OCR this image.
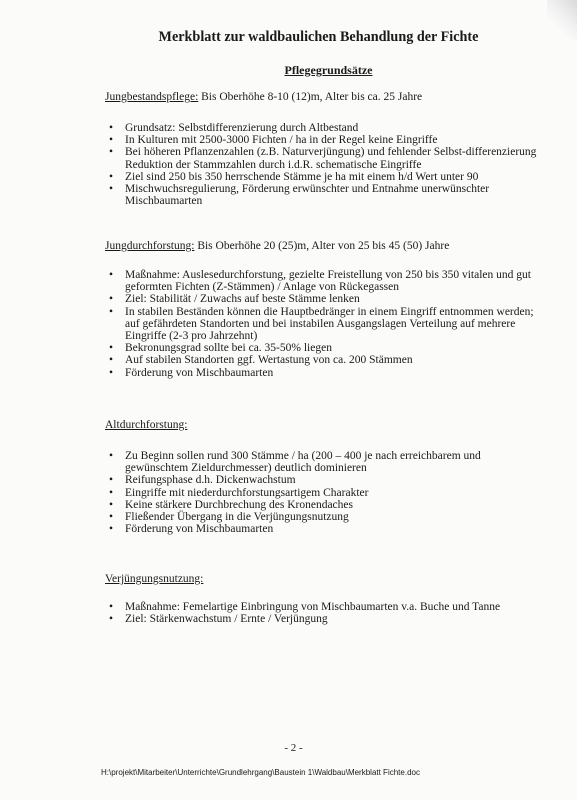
Merkblatt zur waldbaulichen Behandlung der Fichte
Pflegegrundsätze
Jungbestandspflege: Bis Oberhöhe 8-10 (12)m, Alter bis ca. 25 Jahre
• Grundsatz: Selbstdifferenzierung durch Altbestand
• In Kulturen mit 2500-3000 Fichten / ha in der Regel keine Eingriffe
• Bei höheren Pflanzenzahlen (z.B. Naturverjüngung) und fehlender Selbst-differenzierung Reduktion der Stammzahlen durch i.d.R. schematische Eingriffe
• Ziel sind 250 bis 350 herrschende Stämme je ha mit einem h/d Wert unter 90
• Mischwuchsregulierung, Förderung erwünschter und Entnahme unerwünschter Mischbaumarten
Jungdurchforstung: Bis Oberhöhe 20 (25)m, Alter von 25 bis 45 (50) Jahre
• Maßnahme: Auslesedurchforstung, gezielte Freistellung von 250 bis 350 vitalen und gut geformten Fichten (Z-Stämmen) / Anlage von Rückegassen
• Ziel: Stabilität / Zuwachs auf beste Stämme lenken
• In stabilen Beständen können die Hauptbedränger in einem Eingriff entnommen werden; auf gefährdeten Standorten und bei instabilen Ausgangslagen Verteilung auf mehrere Eingriffe (2-3 pro Jahrzehnt)
• Bekronungsgrad sollte bei ca. 35-50% liegen
• Auf stabilen Standorten ggf. Wertastung von ca. 200 Stämmen
• Förderung von Mischbaumarten
Altdurchforstung:
• Zu Beginn sollen rund 300 Stämme / ha (200 – 400 je nach erreichbarem und gewünschtem Zieldurchmesser) deutlich dominieren
• Reifungsphase d.h. Dickenwachstum
• Eingriffe mit niederdurchforstungsartigem Charakter
• Keine stärkere Durchbrechung des Kronendaches
• Fließender Übergang in die Verjüngungsnutzung
• Förderung von Mischbaumarten
Verjüngungsnutzung:
• Maßnahme: Femelartige Einbringung von Mischbaumarten v.a. Buche und Tanne
• Ziel: Stärkenwachstum / Ernte / Verjüngung
- 2 -
H:\projekt\Mitarbeiter\Unterrichte\Grundlehrgang\Baustein 1\Waldbau\Merkblatt Fichte.doc
